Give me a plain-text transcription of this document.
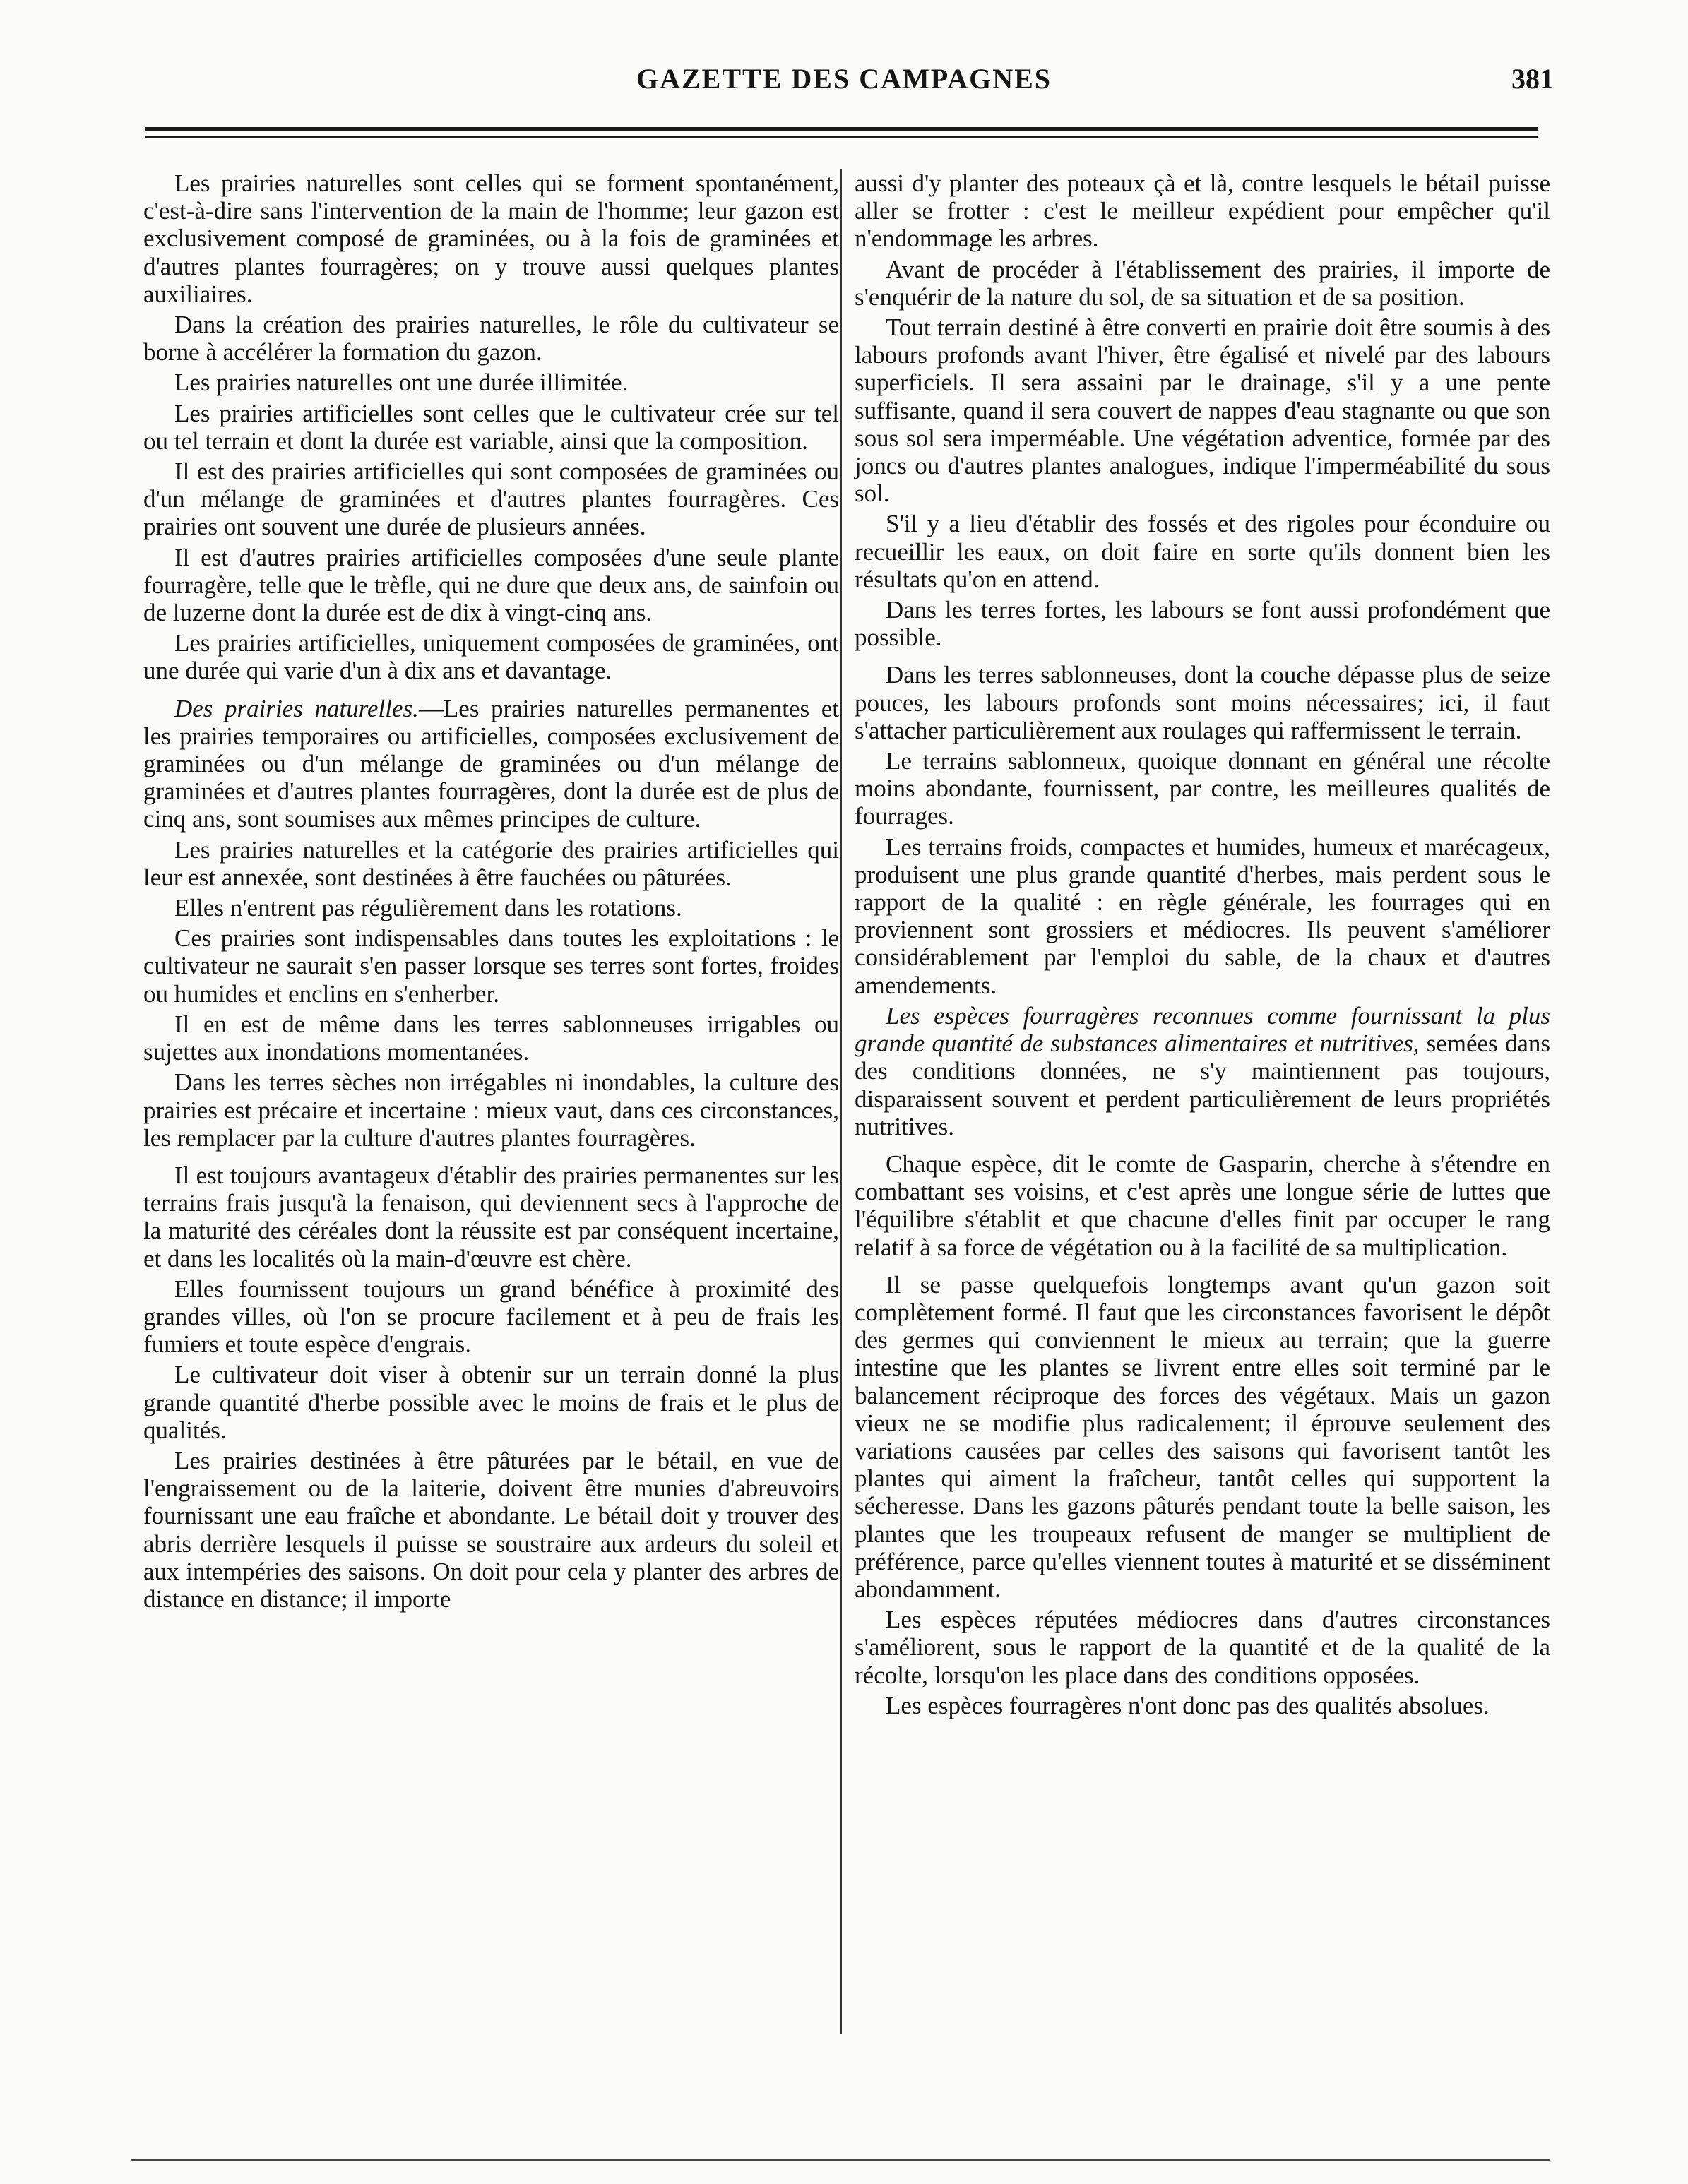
GAZETTE DES CAMPAGNES	381

Les prairies naturelles sont celles qui se forment spontanément, c'est-à-dire sans l'intervention de la main de l'homme; leur gazon est exclusivement composé de graminées, ou à la fois de graminées et d'autres plantes fourragères; on y trouve aussi quelques plantes auxiliaires.

Dans la création des prairies naturelles, le rôle du cultivateur se borne à accélérer la formation du gazon.

Les prairies naturelles ont une durée illimitée.

Les prairies artificielles sont celles que le cultivateur crée sur tel ou tel terrain et dont la durée est variable, ainsi que la composition.

Il est des prairies artificielles qui sont composées de graminées ou d'un mélange de graminées et d'autres plantes fourragères. Ces prairies ont souvent une durée de plusieurs années.

Il est d'autres prairies artificielles composées d'une seule plante fourragère, telle que le trèfle, qui ne dure que deux ans, de sainfoin ou de luzerne dont la durée est de dix à vingt-cinq ans.

Les prairies artificielles, uniquement composées de graminées, ont une durée qui varie d'un à dix ans et davantage.

Des prairies naturelles.—Les prairies naturelles permanentes et les prairies temporaires ou artificielles, composées exclusivement de graminées ou d'un mélange de graminées ou d'un mélange de graminées et d'autres plantes fourragères, dont la durée est de plus de cinq ans, sont soumises aux mêmes principes de culture.

Les prairies naturelles et la catégorie des prairies artificielles qui leur est annexée, sont destinées à être fauchées ou pâturées.

Elles n'entrent pas régulièrement dans les rotations.

Ces prairies sont indispensables dans toutes les exploitations : le cultivateur ne saurait s'en passer lorsque ses terres sont fortes, froides ou humides et enclins en s'enherber.

Il en est de même dans les terres sablonneuses irrigables ou sujettes aux inondations momentanées.

Dans les terres sèches non irrégables ni inondables, la culture des prairies est précaire et incertaine : mieux vaut, dans ces circonstances, les remplacer par la culture d'autres plantes fourragères.

Il est toujours avantageux d'établir des prairies permanentes sur les terrains frais jusqu'à la fenaison, qui deviennent secs à l'approche de la maturité des céréales dont la réussite est par conséquent incertaine, et dans les localités où la main-d'œuvre est chère.

Elles fournissent toujours un grand bénéfice à proximité des grandes villes, où l'on se procure facilement et à peu de frais les fumiers et toute espèce d'engrais.

Le cultivateur doit viser à obtenir sur un terrain donné la plus grande quantité d'herbe possible avec le moins de frais et le plus de qualités.

Les prairies destinées à être pâturées par le bétail, en vue de l'engraissement ou de la laiterie, doivent être munies d'abreuvoirs fournissant une eau fraîche et abondante. Le bétail doit y trouver des abris derrière lesquels il puisse se soustraire aux ardeurs du soleil et aux intempéries des saisons. On doit pour cela y planter des arbres de distance en distance; il importe

aussi d'y planter des poteaux çà et là, contre lesquels le bétail puisse aller se frotter : c'est le meilleur expédient pour empêcher qu'il n'endommage les arbres.

Avant de procéder à l'établissement des prairies, il importe de s'enquérir de la nature du sol, de sa situation et de sa position.

Tout terrain destiné à être converti en prairie doit être soumis à des labours profonds avant l'hiver, être égalisé et nivelé par des labours superficiels. Il sera assaini par le drainage, s'il y a une pente suffisante, quand il sera couvert de nappes d'eau stagnante ou que son sous sol sera imperméable. Une végétation adventice, formée par des joncs ou d'autres plantes analogues, indique l'imperméabilité du sous sol.

S'il y a lieu d'établir des fossés et des rigoles pour éconduire ou recueillir les eaux, on doit faire en sorte qu'ils donnent bien les résultats qu'on en attend.

Dans les terres fortes, les labours se font aussi profondément que possible.

Dans les terres sablonneuses, dont la couche dépasse plus de seize pouces, les labours profonds sont moins nécessaires; ici, il faut s'attacher particulièrement aux roulages qui raffermissent le terrain.

Le terrains sablonneux, quoique donnant en général une récolte moins abondante, fournissent, par contre, les meilleures qualités de fourrages.

Les terrains froids, compactes et humides, humeux et marécageux, produisent une plus grande quantité d'herbes, mais perdent sous le rapport de la qualité : en règle générale, les fourrages qui en proviennent sont grossiers et médiocres. Ils peuvent s'améliorer considérablement par l'emploi du sable, de la chaux et d'autres amendements.

Les espèces fourragères reconnues comme fournissant la plus grande quantité de substances alimentaires et nutritives, semées dans des conditions données, ne s'y maintiennent pas toujours, disparaissent souvent et perdent particulièrement de leurs propriétés nutritives.

Chaque espèce, dit le comte de Gasparin, cherche à s'étendre en combattant ses voisins, et c'est après une longue série de luttes que l'équilibre s'établit et que chacune d'elles finit par occuper le rang relatif à sa force de végétation ou à la facilité de sa multiplication.

Il se passe quelquefois longtemps avant qu'un gazon soit complètement formé. Il faut que les circonstances favorisent le dépôt des germes qui conviennent le mieux au terrain; que la guerre intestine que les plantes se livrent entre elles soit terminé par le balancement réciproque des forces des végétaux. Mais un gazon vieux ne se modifie plus radicalement; il éprouve seulement des variations causées par celles des saisons qui favorisent tantôt les plantes qui aiment la fraîcheur, tantôt celles qui supportent la sécheresse. Dans les gazons pâturés pendant toute la belle saison, les plantes que les troupeaux refusent de manger se multiplient de préférence, parce qu'elles viennent toutes à maturité et se disséminent abondamment.

Les espèces réputées médiocres dans d'autres circonstances s'améliorent, sous le rapport de la quantité et de la qualité de la récolte, lorsqu'on les place dans des conditions opposées.

Les espèces fourragères n'ont donc pas des qualités absolues.
